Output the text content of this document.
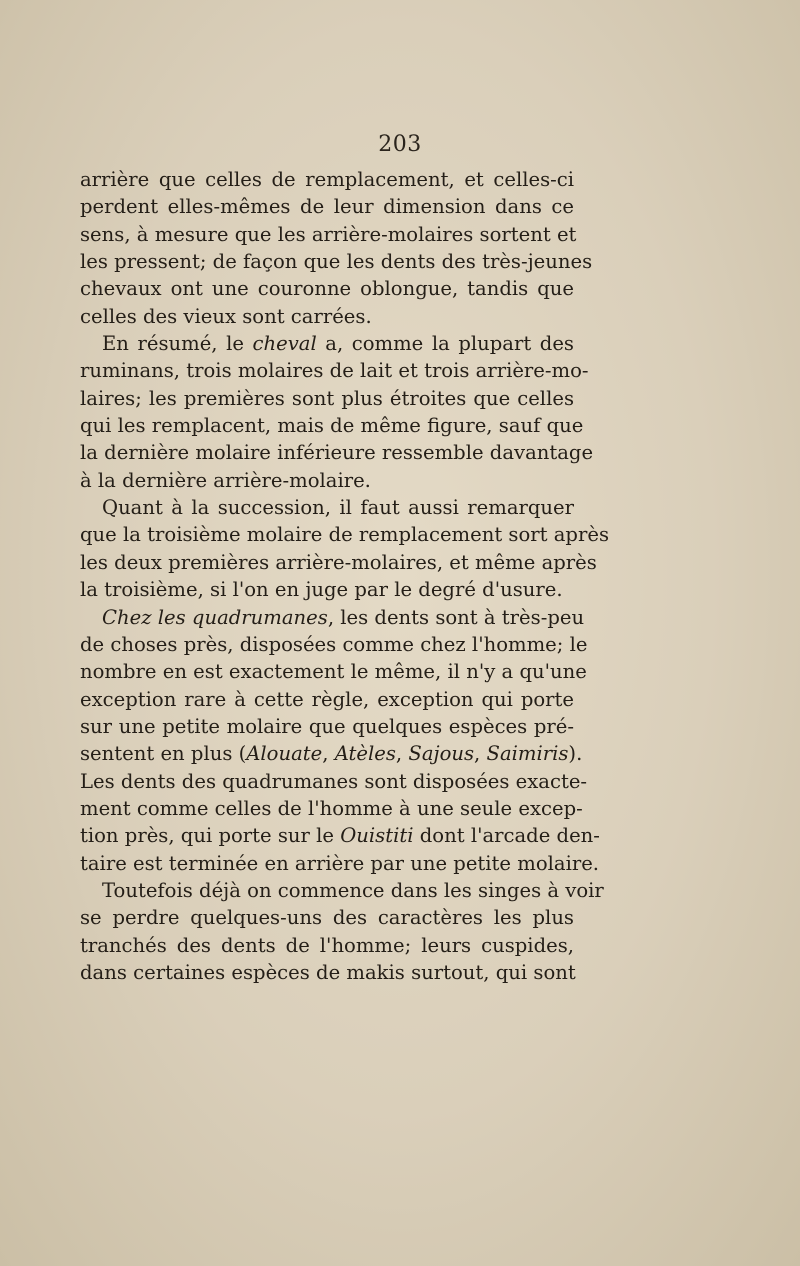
203
arrière que celles de remplacement, et celles-ci
perdent elles-mêmes de leur dimension dans ce
sens, à mesure que les arrière-molaires sortent et
les pressent; de façon que les dents des très-jeunes
chevaux ont une couronne oblongue, tandis que
celles des vieux sont carrées.
En résumé, le cheval a, comme la plupart des
ruminans, trois molaires de lait et trois arrière-mo-
laires; les premières sont plus étroites que celles
qui les remplacent, mais de même figure, sauf que
la dernière molaire inférieure ressemble davantage
à la dernière arrière-molaire.
Quant à la succession, il faut aussi remarquer
que la troisième molaire de remplacement sort après
les deux premières arrière-molaires, et même après
la troisième, si l'on en juge par le degré d'usure.
Chez les quadrumanes, les dents sont à très-peu
de choses près, disposées comme chez l'homme; le
nombre en est exactement le même, il n'y a qu'une
exception rare à cette règle, exception qui porte
sur une petite molaire que quelques espèces pré-
sentent en plus (Alouate, Atèles, Sajous, Saimiris).
Les dents des quadrumanes sont disposées exacte-
ment comme celles de l'homme à une seule excep-
tion près, qui porte sur le Ouistiti dont l'arcade den-
taire est terminée en arrière par une petite molaire.
Toutefois déjà on commence dans les singes à voir
se perdre quelques-uns des caractères les plus
tranchés des dents de l'homme; leurs cuspides,
dans certaines espèces de makis surtout, qui sont
